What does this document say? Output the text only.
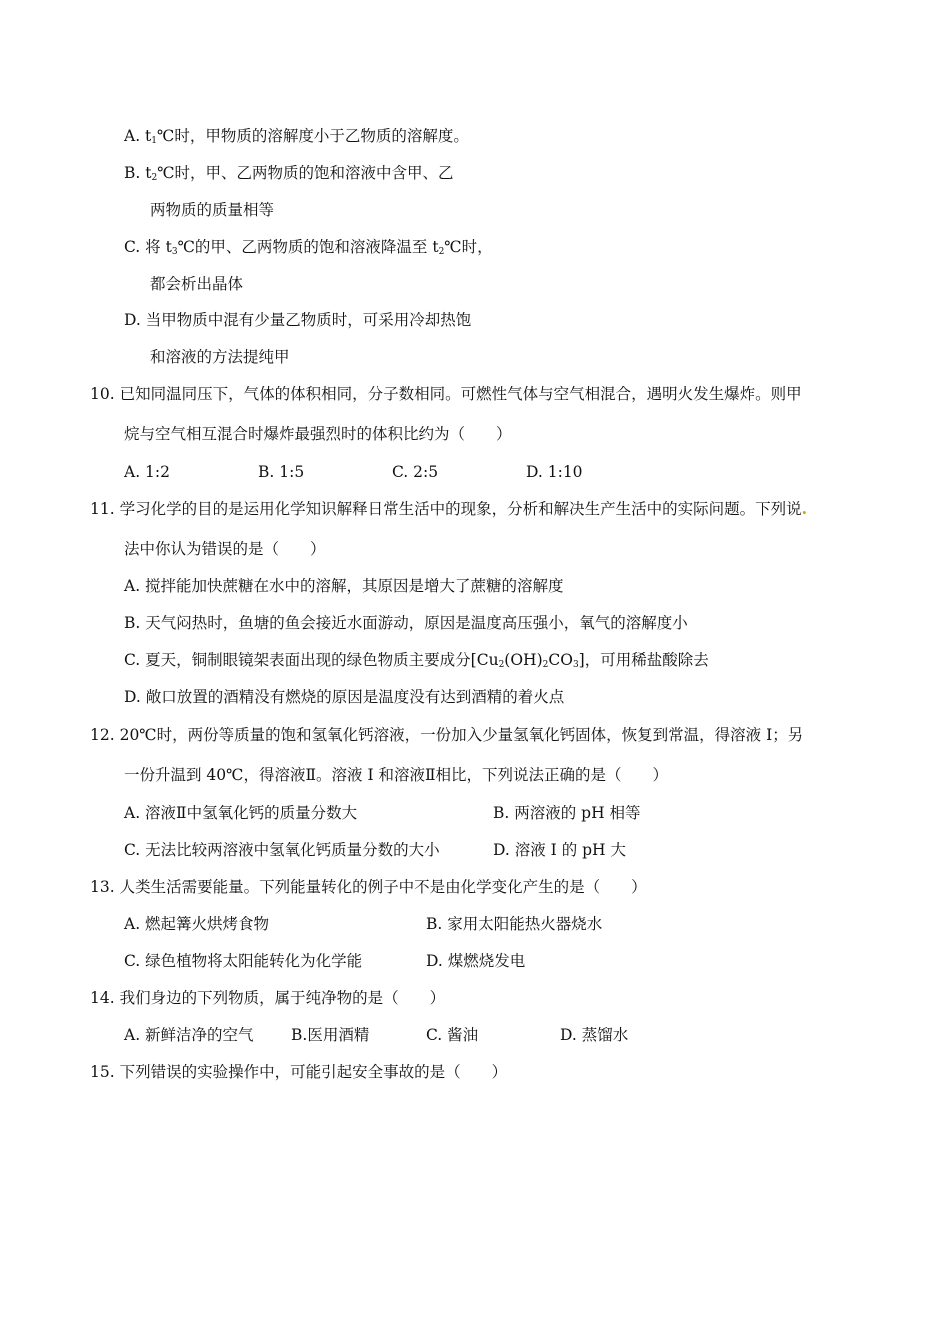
A. $t_1℃$时，甲物质的溶解度小于乙物质的溶解度。
B. $t_2℃$时，甲、乙两物质的饱和溶液中含甲、乙
两物质的质量相等
C. 将 $t_3℃$的甲、乙两物质的饱和溶液降温至 $t_2℃$时，
都会析出晶体
D. 当甲物质中混有少量乙物质时，可采用冷却热饱
和溶液的方法提纯甲
10. 已知同温同压下，气体的体积相同，分子数相同。可燃性气体与空气相混合，遇明火发生爆炸。则甲
烷与空气相互混合时爆炸最强烈时的体积比约为（　　）
A. 1:2	B. 1:5	C. 2:5	D. 1:10
11. 学习化学的目的是运用化学知识解释日常生活中的现象，分析和解决生产生活中的实际问题。下列说.
法中你认为错误的是（　　）
A. 搅拌能加快蔗糖在水中的溶解，其原因是增大了蔗糖的溶解度
B. 天气闷热时，鱼塘的鱼会接近水面游动，原因是温度高压强小，氧气的溶解度小
C. 夏天，铜制眼镜架表面出现的绿色物质主要成分$[Cu_2(OH)_2CO_3]$，可用稀盐酸除去
D. 敞口放置的酒精没有燃烧的原因是温度没有达到酒精的着火点
12. 20℃时，两份等质量的饱和氢氧化钙溶液，一份加入少量氢氧化钙固体，恢复到常温，得溶液 I；另
一份升温到 40℃，得溶液Ⅱ。溶液 I 和溶液Ⅱ相比，下列说法正确的是（　　）
A. 溶液Ⅱ中氢氧化钙的质量分数大	B. 两溶液的 pH 相等
C. 无法比较两溶液中氢氧化钙质量分数的大小	D. 溶液 I 的 pH 大
13. 人类生活需要能量。下列能量转化的例子中不是由化学变化产生的是（　　）
A. 燃起篝火烘烤食物	B. 家用太阳能热火器烧水
C. 绿色植物将太阳能转化为化学能	D. 煤燃烧发电
14. 我们身边的下列物质，属于纯净物的是（　　）
A. 新鲜洁净的空气 B.医用酒精	C. 酱油	D. 蒸馏水
15. 下列错误的实验操作中，可能引起安全事故的是（　　）
